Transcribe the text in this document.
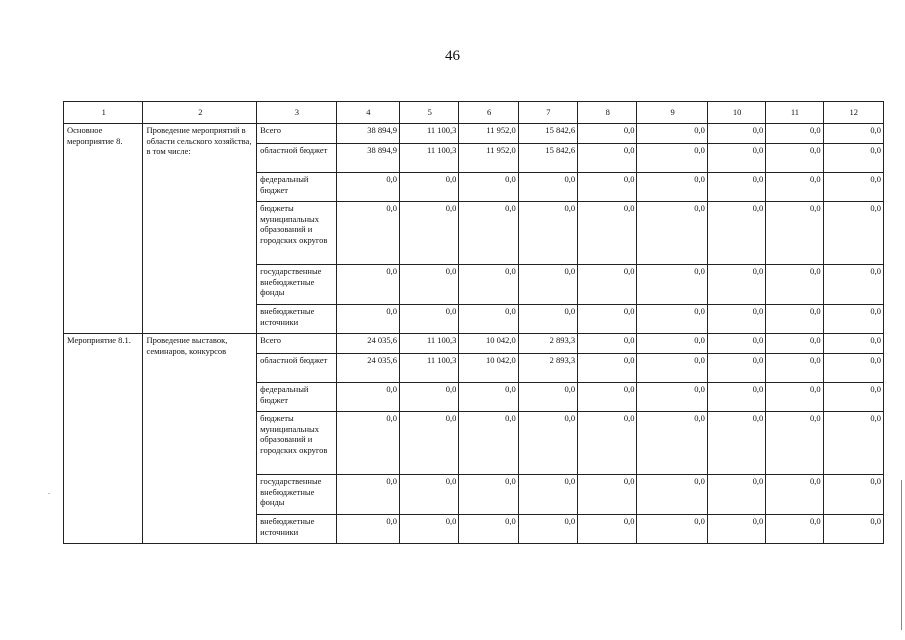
46
1	2	3	4	5	6	7	8	9	10	11	12
Основное мероприятие 8.	Проведение мероприятий в области сельского хозяйства, в том числе:	Всего	38 894,9	11 100,3	11 952,0	15 842,6	0,0	0,0	0,0	0,0	0,0
		областной бюджет	38 894,9	11 100,3	11 952,0	15 842,6	0,0	0,0	0,0	0,0	0,0
		федеральный бюджет	0,0	0,0	0,0	0,0	0,0	0,0	0,0	0,0	0,0
		бюджеты муниципальных образований и городских округов	0,0	0,0	0,0	0,0	0,0	0,0	0,0	0,0	0,0
		государственные внебюджетные фонды	0,0	0,0	0,0	0,0	0,0	0,0	0,0	0,0	0,0
		внебюджетные источники	0,0	0,0	0,0	0,0	0,0	0,0	0,0	0,0	0,0
Мероприятие 8.1.	Проведение выставок, семинаров, конкурсов	Всего	24 035,6	11 100,3	10 042,0	2 893,3	0,0	0,0	0,0	0,0	0,0
		областной бюджет	24 035,6	11 100,3	10 042,0	2 893,3	0,0	0,0	0,0	0,0	0,0
		федеральный бюджет	0,0	0,0	0,0	0,0	0,0	0,0	0,0	0,0	0,0
		бюджеты муниципальных образований и городских округов	0,0	0,0	0,0	0,0	0,0	0,0	0,0	0,0	0,0
		государственные внебюджетные фонды	0,0	0,0	0,0	0,0	0,0	0,0	0,0	0,0	0,0
		внебюджетные источники	0,0	0,0	0,0	0,0	0,0	0,0	0,0	0,0	0,0
